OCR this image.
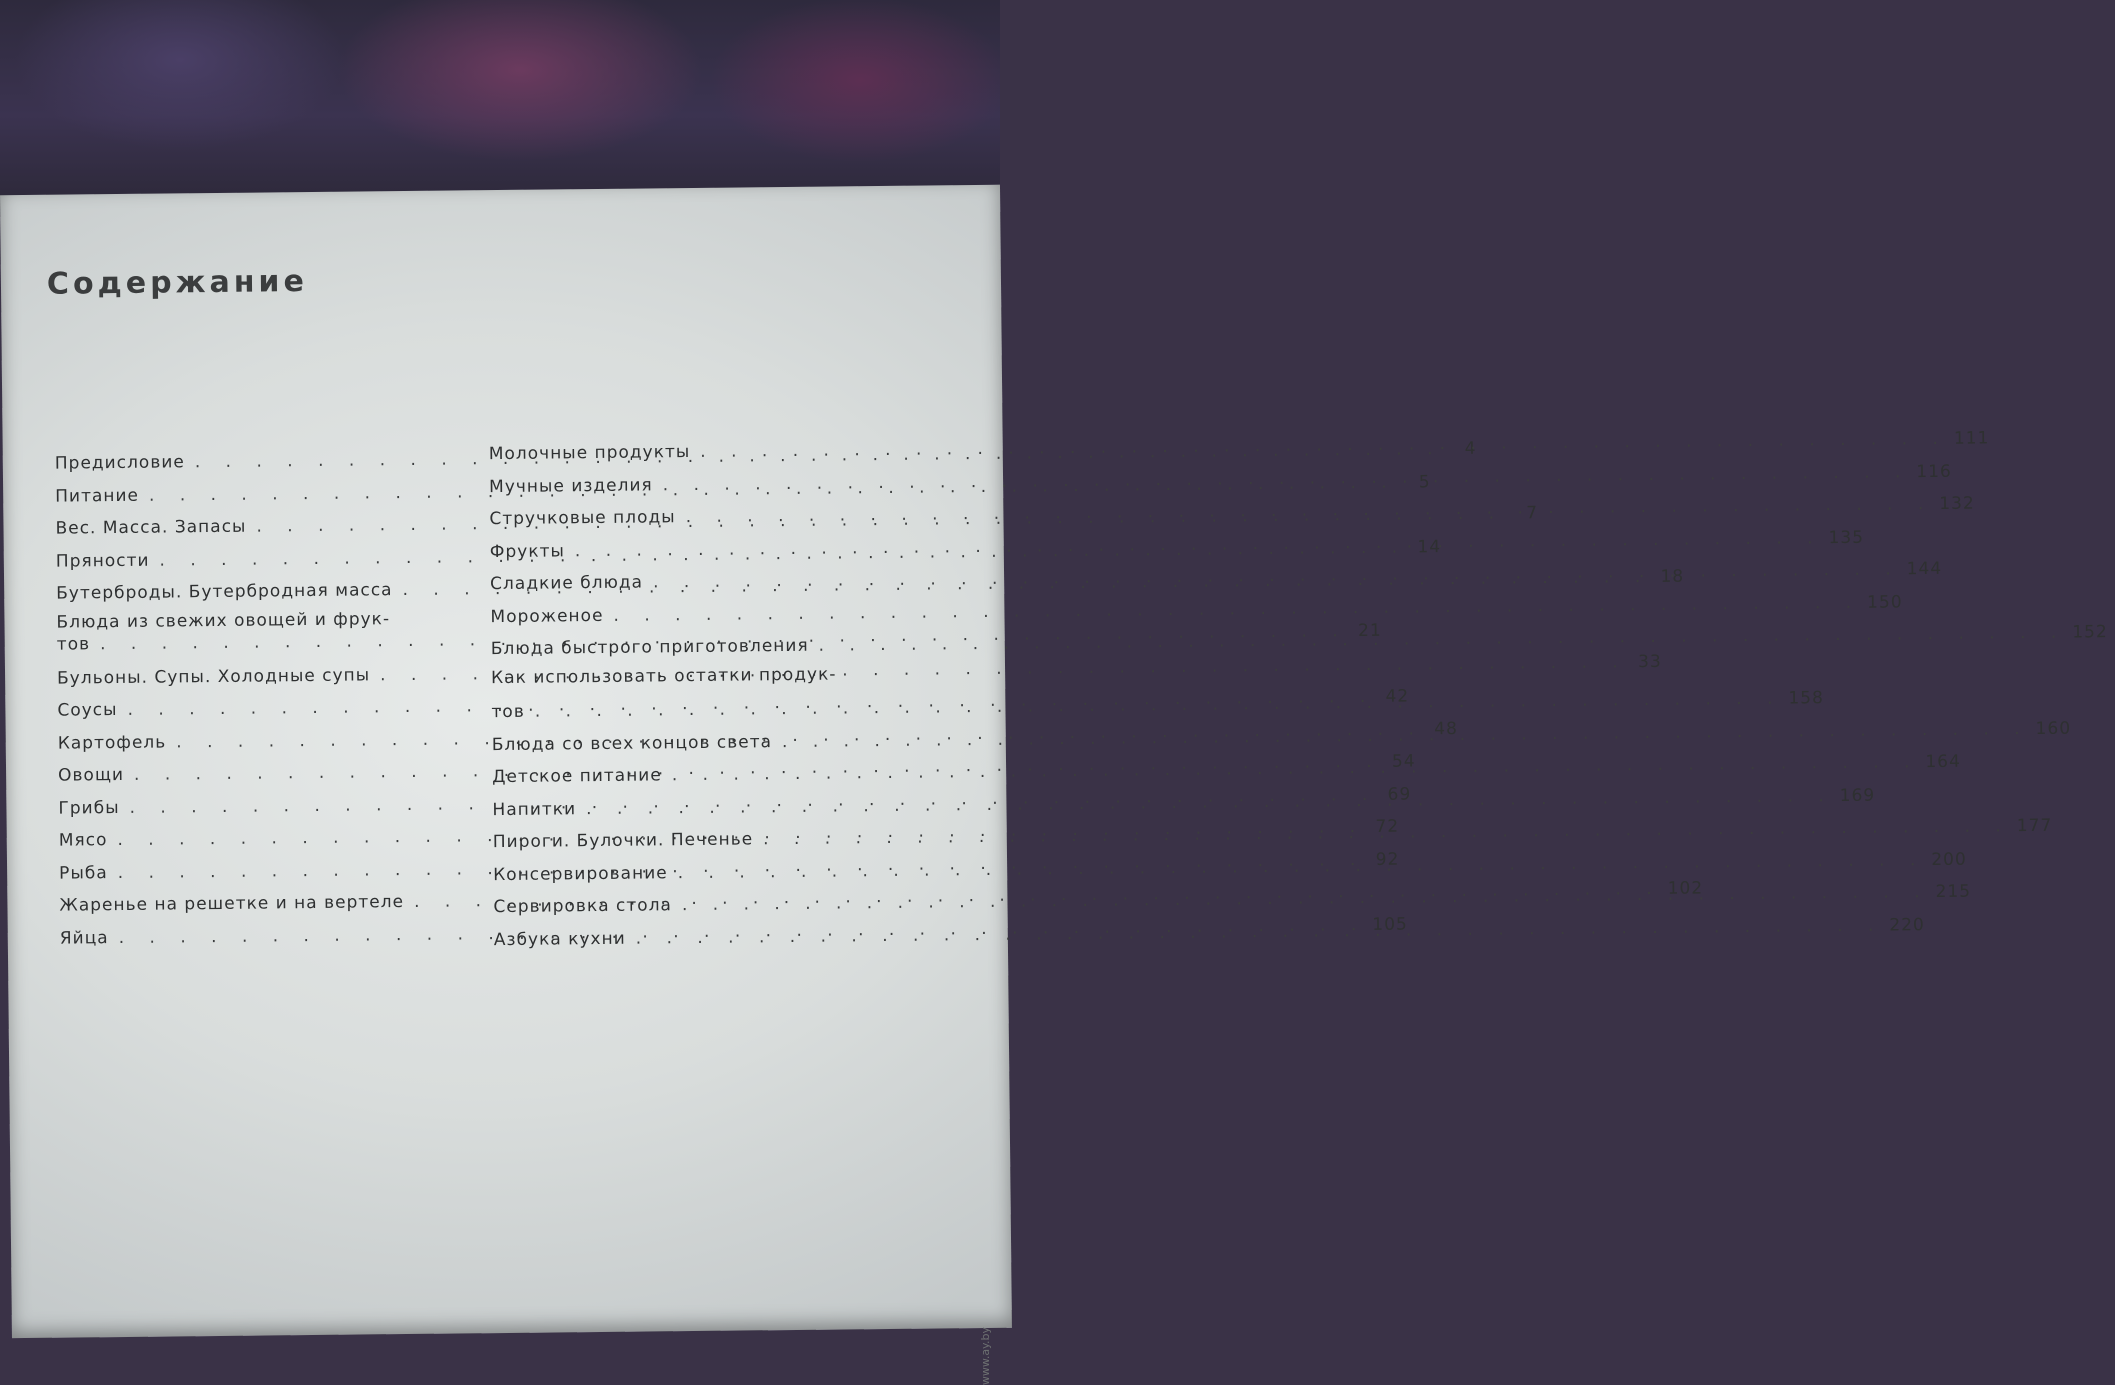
Содержание
Предисловие
. . .
4
Питание
. . .
5
Вес. Масса. Запасы
. . .
7
Пряности
. . .
14
Бутерброды. Бутербродная масса
. . .
18
Блюда из свежих овощей и фрук-
тов
. . .
21
Бульоны. Супы. Холодные супы
. . .
33
Соусы
. . .
42
Картофель
. . .
48
Овощи
. . .
54
Грибы
. . .
69
Мясо
. . .
72
Рыба
. . .
92
Жаренье на решетке и на вертеле
. . .
102
Яйца
. . .
105
Молочные продукты
. . .
111
Мучные изделия
. . .
116
Стручковые плоды
. . .
132
Фрукты
. . .
135
Сладкие блюда
. . .
144
Мороженое
. . .
150
Блюда быстрого приготовления
. . .
152
Как использовать остатки продук-
тов
. . .
158
Блюда со всех концов света
. . .
160
Детское питание
. . .
164
Напитки
. . .
169
Пироги. Булочки. Печенье
. . .
177
Консервирование
. . .
200
Сервировка стола
. . .
215
Азбука кухни
. . .
220
www.ay.by
